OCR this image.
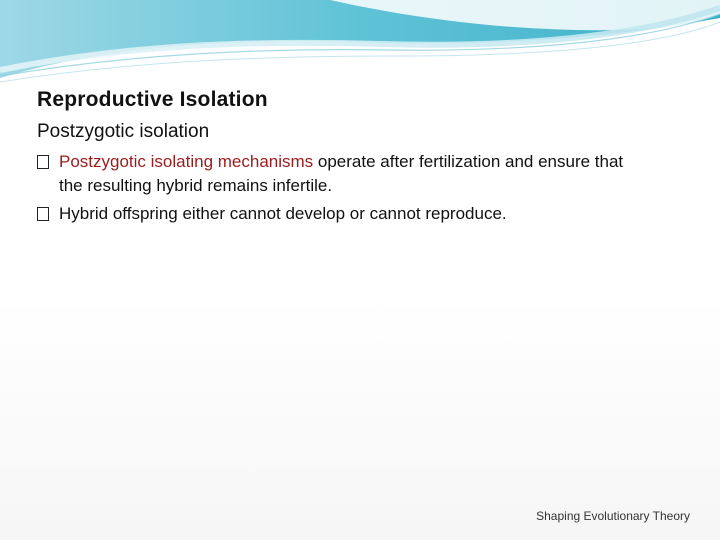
Reproductive Isolation
Postzygotic isolation
Postzygotic isolating mechanisms operate after fertilization and ensure that the resulting hybrid remains infertile.
Hybrid offspring either cannot develop or cannot reproduce.
Shaping Evolutionary Theory
